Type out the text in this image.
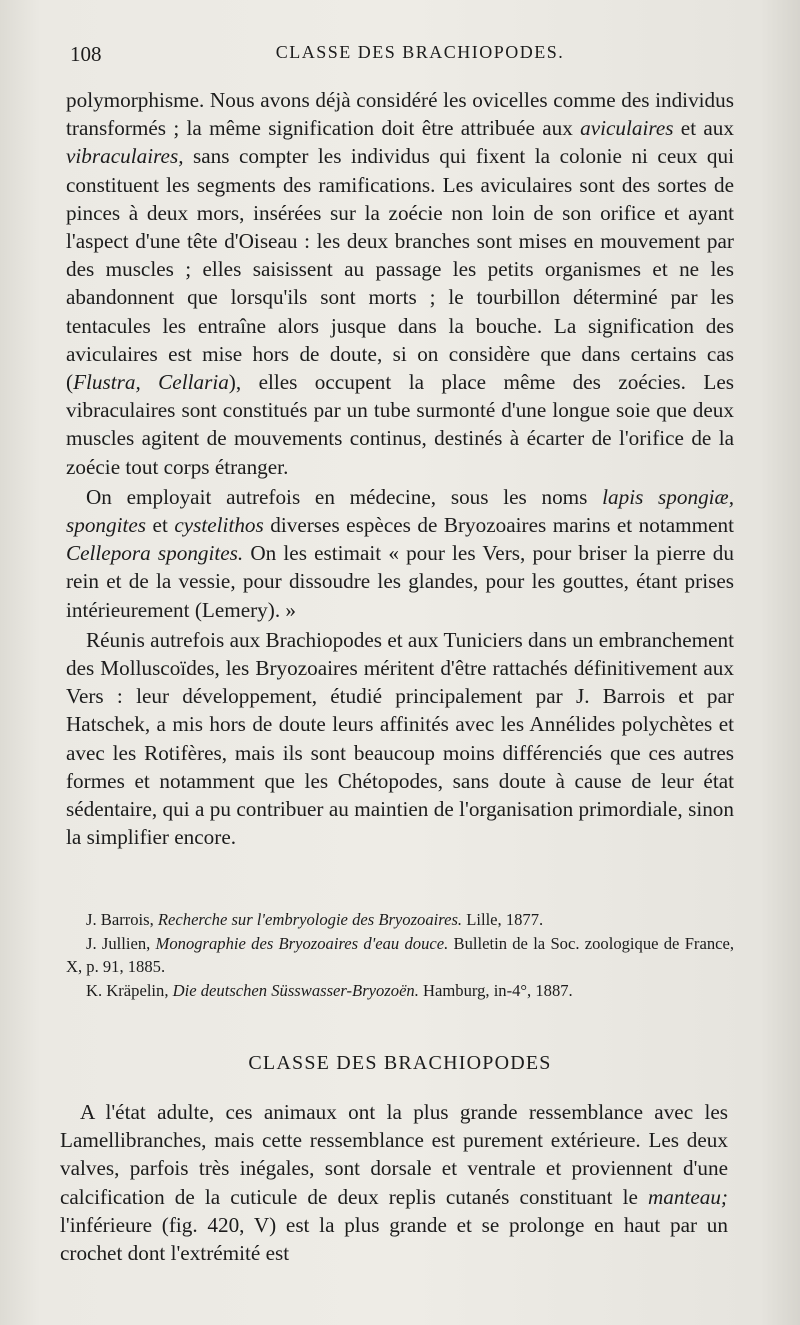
108	CLASSE DES BRACHIOPODES.

polymorphisme. Nous avons déjà considéré les ovicelles comme des individus transformés ; la même signification doit être attribuée aux aviculaires et aux vibraculaires, sans compter les individus qui fixent la colonie ni ceux qui constituent les segments des ramifications. Les aviculaires sont des sortes de pinces à deux mors, insérées sur la zoécie non loin de son orifice et ayant l'aspect d'une tête d'Oiseau : les deux branches sont mises en mouvement par des muscles ; elles saisissent au passage les petits organismes et ne les abandonnent que lorsqu'ils sont morts ; le tourbillon déterminé par les tentacules les entraîne alors jusque dans la bouche. La signification des aviculaires est mise hors de doute, si on considère que dans certains cas (Flustra, Cellaria), elles occupent la place même des zoécies. Les vibraculaires sont constitués par un tube surmonté d'une longue soie que deux muscles agitent de mouvements continus, destinés à écarter de l'orifice de la zoécie tout corps étranger.

On employait autrefois en médecine, sous les noms lapis spongiæ, spongites et cystelithos diverses espèces de Bryozoaires marins et notamment Cellepora spongites. On les estimait « pour les Vers, pour briser la pierre du rein et de la vessie, pour dissoudre les glandes, pour les gouttes, étant prises intérieurement (Lemery). »

Réunis autrefois aux Brachiopodes et aux Tuniciers dans un embranchement des Molluscoïdes, les Bryozoaires méritent d'être rattachés définitivement aux Vers : leur développement, étudié principalement par J. Barrois et par Hatschek, a mis hors de doute leurs affinités avec les Annélides polychètes et avec les Rotifères, mais ils sont beaucoup moins différenciés que ces autres formes et notamment que les Chétopodes, sans doute à cause de leur état sédentaire, qui a pu contribuer au maintien de l'organisation primordiale, sinon la simplifier encore.

J. Barrois, Recherche sur l'embryologie des Bryozoaires. Lille, 1877.

J. Jullien, Monographie des Bryozoaires d'eau douce. Bulletin de la Soc. zoologique de France, X, p. 91, 1885.

K. Kräpelin, Die deutschen Süsswasser-Bryozoën. Hamburg, in-4°, 1887.

CLASSE DES BRACHIOPODES

A l'état adulte, ces animaux ont la plus grande ressemblance avec les Lamellibranches, mais cette ressemblance est purement extérieure. Les deux valves, parfois très inégales, sont dorsale et ventrale et proviennent d'une calcification de la cuticule de deux replis cutanés constituant le manteau; l'inférieure (fig. 420, V) est la plus grande et se prolonge en haut par un crochet dont l'extrémité est
